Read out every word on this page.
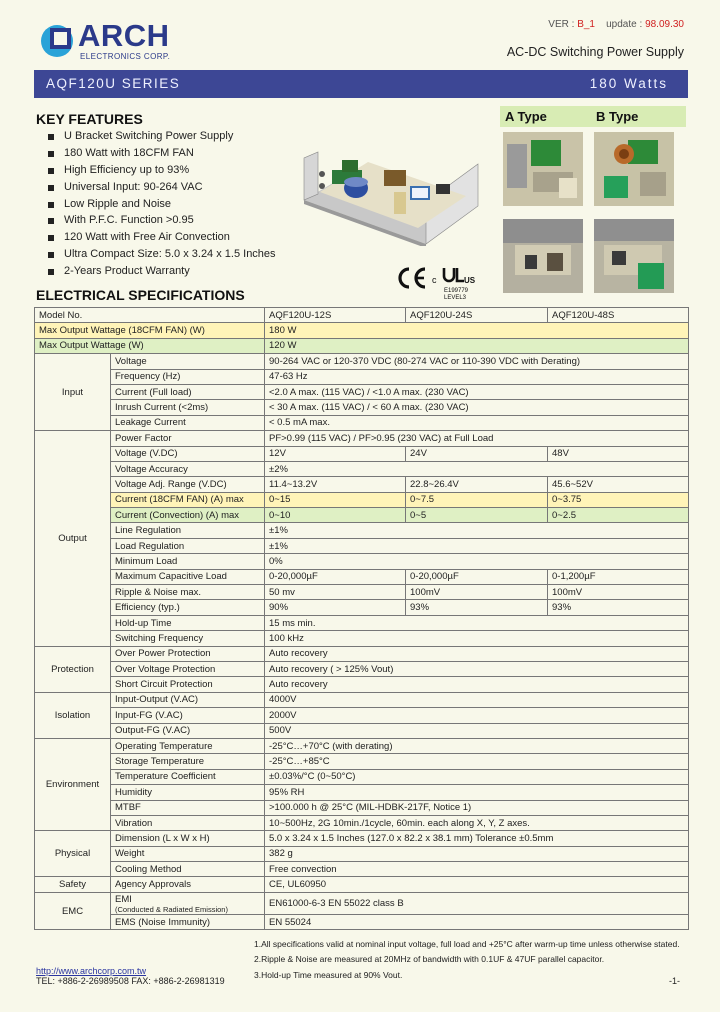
ARCH
ELECTRONICS CORP.
VER : B_1 update : 98.09.30
AC-DC Switching Power Supply
AQF120U SERIES	180 Watts
KEY FEATURES
U Bracket Switching Power Supply
180 Watt with 18CFM FAN
High Efficiency up to 93%
Universal Input: 90-264 VAC
Low Ripple and Noise
With P.F.C. Function >0.95
120 Watt with Free Air Convection
Ultra Compact Size: 5.0 x 3.24 x 1.5 Inches
2-Years Product Warranty
A Type	B Type
c	US
E199779
LEVEL3
ELECTRICAL SPECIFICATIONS
Model No.		AQF120U-12S	AQF120U-24S	AQF120U-48S
Max Output Wattage (18CFM FAN) (W)		180 W		
Max Output Wattage (W)		120 W		
Input	Voltage	90-264 VAC or 120-370 VDC (80-274 VAC or 110-390 VDC with Derating)		
	Frequency (Hz)	47-63 Hz		
	Current (Full load)	<2.0 A max. (115 VAC) / <1.0 A max. (230 VAC)		
	Inrush Current (<2ms)	< 30 A max. (115 VAC) / < 60 A max. (230 VAC)		
	Leakage Current	< 0.5 mA max.		
Output	Power Factor	PF>0.99 (115 VAC) / PF>0.95 (230 VAC) at Full Load		
	Voltage (V.DC)	12V	24V	48V
	Voltage Accuracy	±2%		
	Voltage Adj. Range (V.DC)	11.4~13.2V	22.8~26.4V	45.6~52V
	Current (18CFM FAN) (A) max	0~15	0~7.5	0~3.75
	Current (Convection) (A) max	0~10	0~5	0~2.5
	Line Regulation	±1%		
	Load Regulation	±1%		
	Minimum Load	0%		
	Maximum Capacitive Load	0-20,000µF	0-20,000µF	0-1,200µF
	Ripple & Noise max.	50 mv	100mV	100mV
	Efficiency (typ.)	90%	93%	93%
	Hold-up Time	15 ms min.		
	Switching Frequency	100 kHz		
Protection	Over Power Protection	Auto recovery		
	Over Voltage Protection	Auto recovery ( > 125% Vout)		
	Short Circuit Protection	Auto recovery		
Isolation	Input-Output (V.AC)	4000V		
	Input-FG (V.AC)	2000V		
	Output-FG (V.AC)	500V		
Environment	Operating Temperature	-25°C…+70°C (with derating)		
	Storage Temperature	-25°C…+85°C		
	Temperature Coefficient	±0.03%/°C (0~50°C)		
	Humidity	95% RH		
	MTBF	>100.000 h @ 25°C (MIL-HDBK-217F, Notice 1)		
	Vibration	10~500Hz, 2G 10min./1cycle, 60min. each along X, Y, Z axes.		
Physical	Dimension (L x W x H)	5.0 x 3.24 x 1.5 Inches (127.0 x 82.2 x 38.1 mm) Tolerance ±0.5mm		
	Weight	382 g		
	Cooling Method	Free convection		
Safety	Agency Approvals	CE, UL60950		
EMC	EMI
(Conducted & Radiated Emission)	EN61000-6-3 EN 55022 class B		
	EMS (Noise Immunity)	EN 55024		
1.All specifications valid at nominal input voltage, full load and +25°C after warm-up time unless otherwise stated.
2.Ripple & Noise are measured at 20MHz of bandwidth with 0.1UF & 47UF parallel capacitor.
3.Hold-up Time measured at 90% Vout.
http://www.archcorp.com.tw
TEL: +886-2-26989508 FAX: +886-2-26981319	-1-
